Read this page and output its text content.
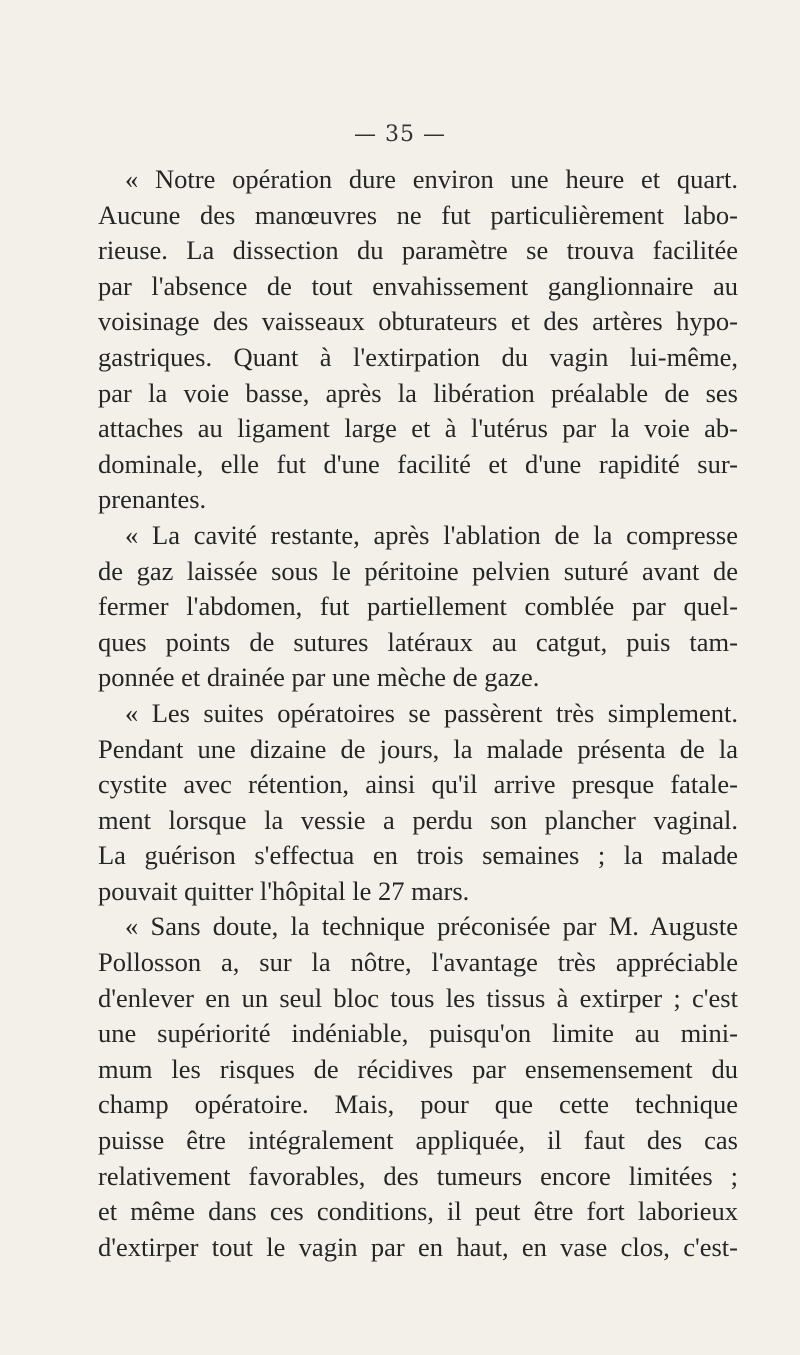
— 35 —
« Notre opération dure environ une heure et quart.
Aucune des manœuvres ne fut particulièrement labo-
rieuse. La dissection du paramètre se trouva facilitée
par l'absence de tout envahissement ganglionnaire au
voisinage des vaisseaux obturateurs et des artères hypo-
gastriques. Quant à l'extirpation du vagin lui-même,
par la voie basse, après la libération préalable de ses
attaches au ligament large et à l'utérus par la voie ab-
dominale, elle fut d'une facilité et d'une rapidité sur-
prenantes.
« La cavité restante, après l'ablation de la compresse
de gaz laissée sous le péritoine pelvien suturé avant de
fermer l'abdomen, fut partiellement comblée par quel-
ques points de sutures latéraux au catgut, puis tam-
ponnée et drainée par une mèche de gaze.
« Les suites opératoires se passèrent très simplement.
Pendant une dizaine de jours, la malade présenta de la
cystite avec rétention, ainsi qu'il arrive presque fatale-
ment lorsque la vessie a perdu son plancher vaginal.
La guérison s'effectua en trois semaines ; la malade
pouvait quitter l'hôpital le 27 mars.
« Sans doute, la technique préconisée par M. Auguste
Pollosson a, sur la nôtre, l'avantage très appréciable
d'enlever en un seul bloc tous les tissus à extirper ; c'est
une supériorité indéniable, puisqu'on limite au mini-
mum les risques de récidives par ensemensement du
champ opératoire. Mais, pour que cette technique
puisse être intégralement appliquée, il faut des cas
relativement favorables, des tumeurs encore limitées ;
et même dans ces conditions, il peut être fort laborieux
d'extirper tout le vagin par en haut, en vase clos, c'est-
